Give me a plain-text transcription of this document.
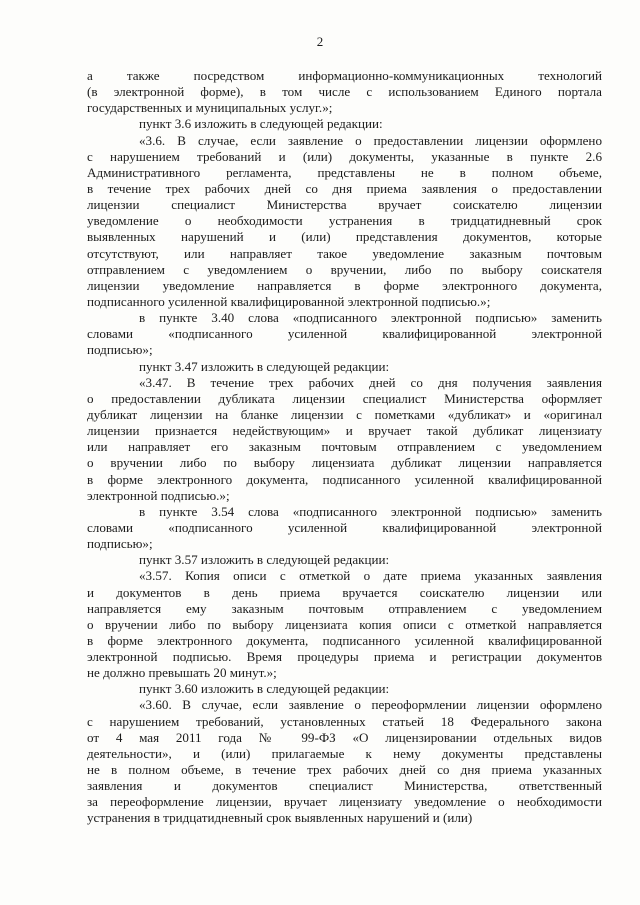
2
а также посредством информационно-коммуникационных технологий
(в электронной форме), в том числе с использованием Единого портала
государственных и муниципальных услуг.»;
пункт 3.6 изложить в следующей редакции:
«3.6. В случае, если заявление о предоставлении лицензии оформлено
с нарушением требований и (или) документы, указанные в пункте 2.6
Административного регламента, представлены не в полном объеме,
в течение трех рабочих дней со дня приема заявления о предоставлении
лицензии специалист Министерства вручает соискателю лицензии
уведомление о необходимости устранения в тридцатидневный срок
выявленных нарушений и (или) представления документов, которые
отсутствуют, или направляет такое уведомление заказным почтовым
отправлением с уведомлением о вручении, либо по выбору соискателя
лицензии уведомление направляется в форме электронного документа,
подписанного усиленной квалифицированной электронной подписью.»;
в пункте 3.40 слова «подписанного электронной подписью» заменить
словами «подписанного усиленной квалифицированной электронной
подписью»;
пункт 3.47 изложить в следующей редакции:
«3.47. В течение трех рабочих дней со дня получения заявления
о предоставлении дубликата лицензии специалист Министерства оформляет
дубликат лицензии на бланке лицензии с пометками «дубликат» и «оригинал
лицензии признается недействующим» и вручает такой дубликат лицензиату
или направляет его заказным почтовым отправлением с уведомлением
о вручении либо по выбору лицензиата дубликат лицензии направляется
в форме электронного документа, подписанного усиленной квалифицированной
электронной подписью.»;
в пункте 3.54 слова «подписанного электронной подписью» заменить
словами «подписанного усиленной квалифицированной электронной
подписью»;
пункт 3.57 изложить в следующей редакции:
«3.57. Копия описи с отметкой о дате приема указанных заявления
и документов в день приема вручается соискателю лицензии или
направляется ему заказным почтовым отправлением с уведомлением
о вручении либо по выбору лицензиата копия описи с отметкой направляется
в форме электронного документа, подписанного усиленной квалифицированной
электронной подписью. Время процедуры приема и регистрации документов
не должно превышать 20 минут.»;
пункт 3.60 изложить в следующей редакции:
«3.60. В случае, если заявление о переоформлении лицензии оформлено
с нарушением требований, установленных статьей 18 Федерального закона
от 4 мая 2011 года № 99-ФЗ «О лицензировании отдельных видов
деятельности», и (или) прилагаемые к нему документы представлены
не в полном объеме, в течение трех рабочих дней со дня приема указанных
заявления и документов специалист Министерства, ответственный
за переоформление лицензии, вручает лицензиату уведомление о необходимости
устранения в тридцатидневный срок выявленных нарушений и (или)
